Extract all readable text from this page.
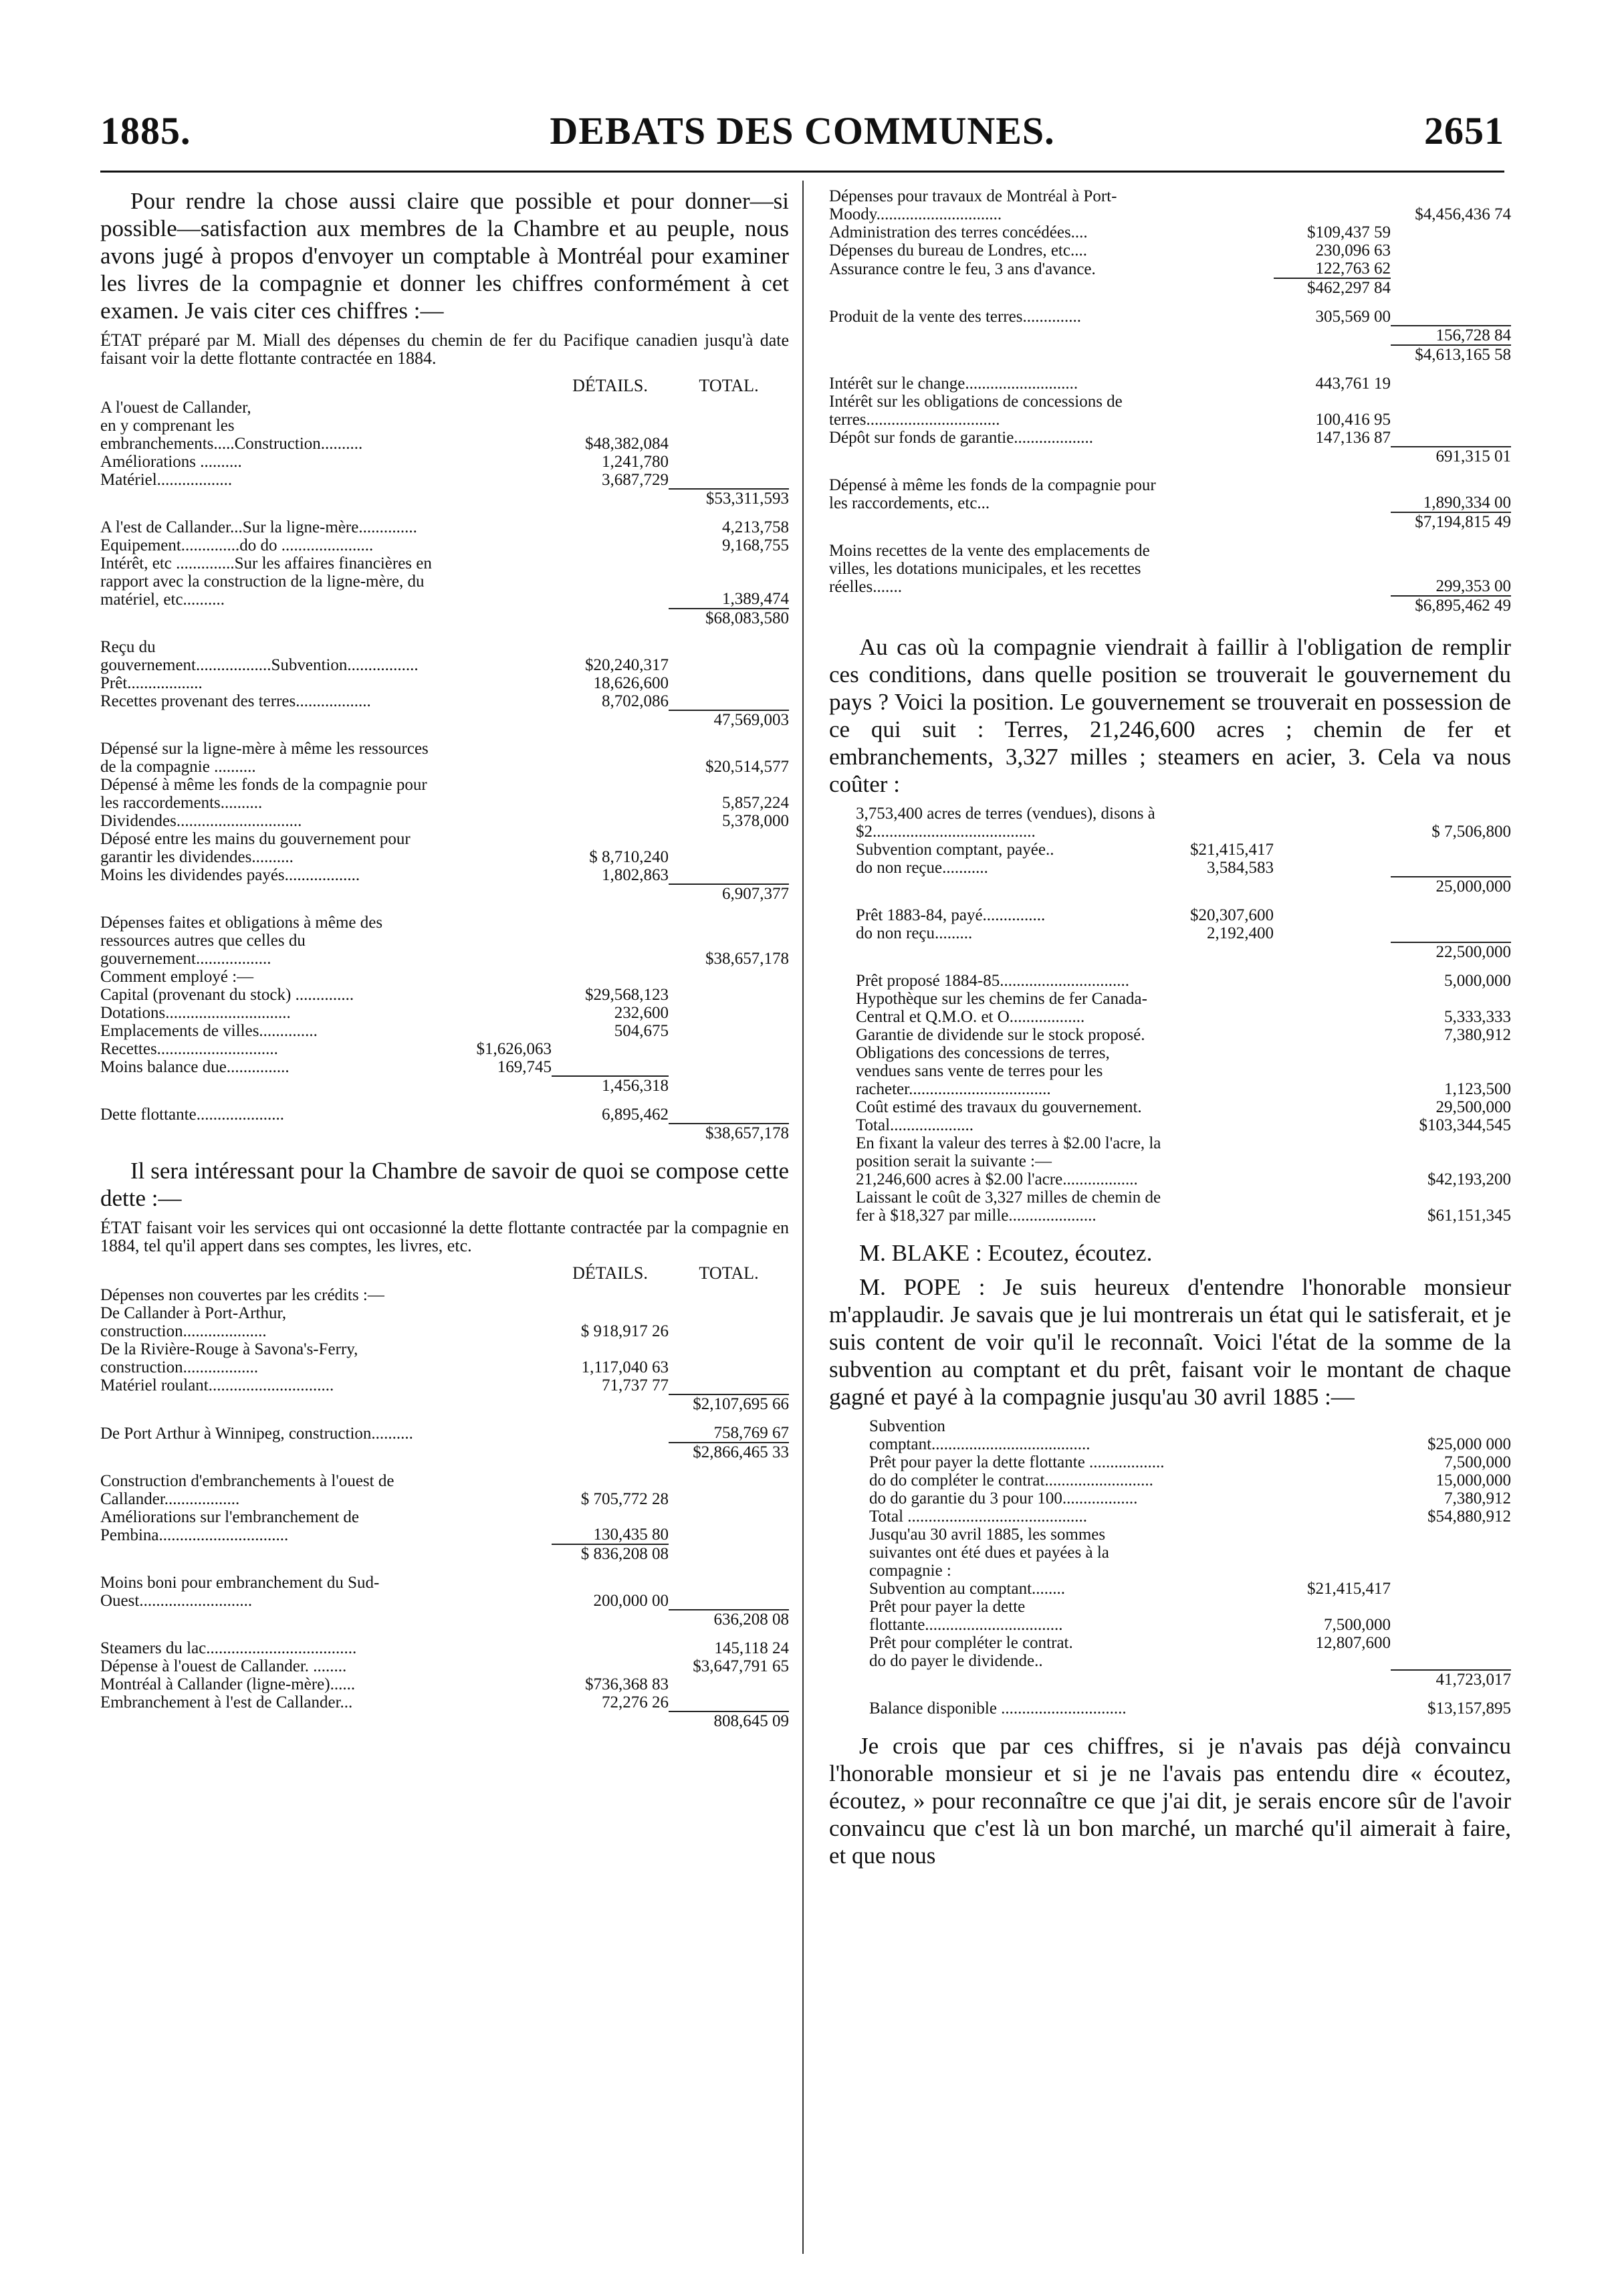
1885.	DEBATS DES COMMUNES.	2651

Pour rendre la chose aussi claire que possible et pour donner—si possible—satisfaction aux membres de la Chambre et au peuple, nous avons jugé à propos d'envoyer un comptable à Montréal pour examiner les livres de la compagnie et donner les chiffres conformément à cet examen. Je vais citer ces chiffres :—

ÉTAT préparé par M. Miall des dépenses du chemin de fer du Pacifique canadien jusqu'à date faisant voir la dette flottante contractée en 1884.

		DÉTAILS.	TOTAL.
A l'ouest de Callander,			
en y comprenant les			
embranchements.....Construction..........		$48,382,084	
Améliorations ..........		1,241,780	
Matériel..................		3,687,729	
			$53,311,593
A l'est de Callander...Sur la ligne-mère..............			4,213,758
Equipement..............do do ......................			9,168,755
Intérêt, etc ..............Sur les affaires financières en rapport avec la construction de la ligne-mère, du matériel, etc..........			1,389,474
			$68,083,580
Reçu du gouvernement..................Subvention.................		$20,240,317	
Prêt..................		18,626,600	
Recettes provenant des terres..................		8,702,086	
			47,569,003
Dépensé sur la ligne-mère à même les ressources de la compagnie ..........			$20,514,577
Dépensé à même les fonds de la compagnie pour les raccordements..........			5,857,224
Dividendes..............................			5,378,000
Déposé entre les mains du gouvernement pour garantir les dividendes..........		$ 8,710,240	
Moins les dividendes payés..................		1,802,863	
			6,907,377
Dépenses faites et obligations à même des ressources autres que celles du gouvernement..................			$38,657,178
Comment employé :—			
Capital (provenant du stock) ..............		$29,568,123	
Dotations..............................		232,600	
Emplacements de villes..............		504,675	
Recettes.............................	$1,626,063		
Moins balance due...............	169,745		
		1,456,318	
Dette flottante.....................		6,895,462	
			$38,657,178

Il sera intéressant pour la Chambre de savoir de quoi se compose cette dette :—

ÉTAT faisant voir les services qui ont occasionné la dette flottante contractée par la compagnie en 1884, tel qu'il appert dans ses comptes, les livres, etc.

		DÉTAILS.	TOTAL.
Dépenses non couvertes par les crédits :—			
De Callander à Port-Arthur, construction....................		$ 918,917 26	
De la Rivière-Rouge à Savona's-Ferry, construction..................		1,117,040 63	
Matériel roulant..............................		71,737 77	
			$2,107,695 66
De Port Arthur à Winnipeg, construction..........			758,769 67
			$2,866,465 33
Construction d'embranchements à l'ouest de Callander..................		$ 705,772 28	
Améliorations sur l'embranchement de Pembina...............................		130,435 80	
		$ 836,208 08	
Moins boni pour embranchement du Sud-Ouest...........................		200,000 00	
			636,208 08
Steamers du lac....................................			145,118 24
Dépense à l'ouest de Callander. ........			$3,647,791 65
Montréal à Callander (ligne-mère)......		$736,368 83	
Embranchement à l'est de Callander...		72,276 26	
			808,645 09
Dépenses pour travaux de Montréal à Port-Moody..............................			$4,456,436 74
Administration des terres concédées....		$109,437 59	
Dépenses du bureau de Londres, etc....		230,096 63	
Assurance contre le feu, 3 ans d'avance.		122,763 62	
		$462,297 84	
Produit de la vente des terres..............		305,569 00	
			156,728 84
			$4,613,165 58
Intérêt sur le change...........................		443,761 19	
Intérêt sur les obligations de concessions de terres................................		100,416 95	
Dépôt sur fonds de garantie...................		147,136 87	
			691,315 01
Dépensé à même les fonds de la compagnie pour les raccordements, etc...			1,890,334 00
			$7,194,815 49
Moins recettes de la vente des emplacements de villes, les dotations municipales, et les recettes réelles.......			299,353 00
			$6,895,462 49

Au cas où la compagnie viendrait à faillir à l'obligation de remplir ces conditions, dans quelle position se trouverait le gouvernement du pays ? Voici la position. Le gouvernement se trouverait en possession de ce qui suit : Terres, 21,246,600 acres ; chemin de fer et embranchements, 3,327 milles ; steamers en acier, 3. Cela va nous coûter :

3,753,400 acres de terres (vendues), disons à $2.......................................			$ 7,506,800
Subvention comptant, payée..	$21,415,417		
do non reçue...........	3,584,583		
			25,000,000
Prêt 1883-84, payé...............	$20,307,600		
do non reçu.........	2,192,400		
			22,500,000
Prêt proposé 1884-85...............................			5,000,000
Hypothèque sur les chemins de fer Canada-Central et Q.M.O. et O..................			5,333,333
Garantie de dividende sur le stock proposé.			7,380,912
Obligations des concessions de terres, vendues sans vente de terres pour les racheter..................................			1,123,500
Coût estimé des travaux du gouvernement.			29,500,000
Total....................			$103,344,545
En fixant la valeur des terres à $2.00 l'acre, la position serait la suivante :—			
21,246,600 acres à $2.00 l'acre..................			$42,193,200
Laissant le coût de 3,327 milles de chemin de fer à $18,327 par mille.....................			$61,151,345

M. BLAKE : Ecoutez, écoutez.

M. POPE : Je suis heureux d'entendre l'honorable monsieur m'applaudir. Je savais que je lui montrerais un état qui le satisferait, et je suis content de voir qu'il le reconnaît. Voici l'état de la somme de la subvention au comptant et du prêt, faisant voir le montant de chaque gagné et payé à la compagnie jusqu'au 30 avril 1885 :—

Subvention comptant......................................			$25,000 000
Prêt pour payer la dette flottante ..................			7,500,000
do do compléter le contrat..........................			15,000,000
do do garantie du 3 pour 100..................			7,380,912
Total ...........................................			$54,880,912
Jusqu'au 30 avril 1885, les sommes suivantes ont été dues et payées à la compagnie :			
Subvention au comptant........		$21,415,417	
Prêt pour payer la dette flottante.................................		7,500,000	
Prêt pour compléter le contrat.		12,807,600	
do do payer le dividende..			
			41,723,017
Balance disponible ..............................			$13,157,895

Je crois que par ces chiffres, si je n'avais pas déjà convaincu l'honorable monsieur et si je ne l'avais pas entendu dire « écoutez, écoutez, » pour reconnaître ce que j'ai dit, je serais encore sûr de l'avoir convaincu que c'est là un bon marché, un marché qu'il aimerait à faire, et que nous
